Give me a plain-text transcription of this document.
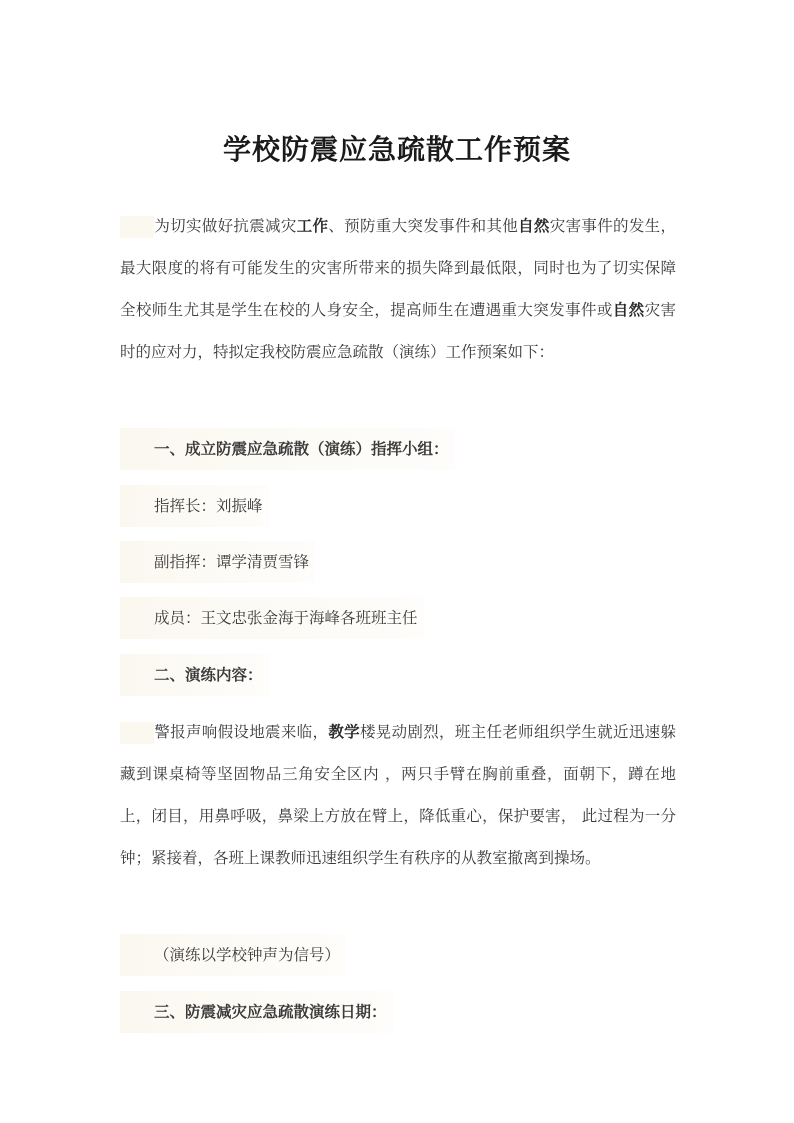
学校防震应急疏散工作预案
为切实做好抗震减灾工作、预防重大突发事件和其他自然灾害事件的发生，最大限度的将有可能发生的灾害所带来的损失降到最低限，同时也为了切实保障全校师生尤其是学生在校的人身安全，提高师生在遭遇重大突发事件或自然灾害时的应对力，特拟定我校防震应急疏散（演练）工作预案如下：
一、成立防震应急疏散（演练）指挥小组：
指挥长：刘振峰
副指挥：谭学清贾雪锋
成员：王文忠张金海于海峰各班班主任
二、演练内容：
警报声响假设地震来临，教学楼晃动剧烈，班主任老师组织学生就近迅速躲藏到课桌椅等坚固物品三角安全区内 ，两只手臂在胸前重叠，面朝下，蹲在地上，闭目，用鼻呼吸，鼻梁上方放在臂上，降低重心，保护要害， 此过程为一分钟；紧接着，各班上课教师迅速组织学生有秩序的从教室撤离到操场。
（演练以学校钟声为信号）
三、防震减灾应急疏散演练日期：
